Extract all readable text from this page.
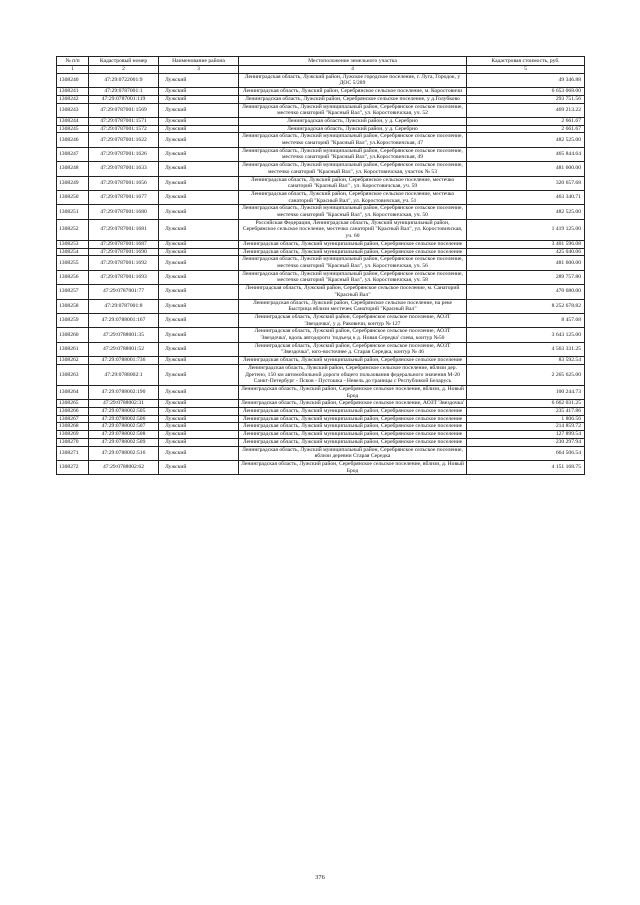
№ п/п	Кадастровый номер	Наименование района	Местоположение земельного участка	Кадастровая стоимость, руб.
1	2	3	4	5
1308240	47:29:0722001:9	Лужский	Ленинградская область, Лужский район, Лужское городское поселение, г. Луга, Городок, у ДОС 5/289	49 346.88
1308241	47:29:0787001:1	Лужский	Ленинградская область, Лужский район, Серебрянское сельское поселение, м. Коростовичи	6 653 068.00
1308242	47:29:0787001:119	Лужский	Ленинградская область, Лужский район, Серебрянское сельское поселение, у д.Голубково	293 751.56
1308243	47:29:0787001:1569	Лужский	Ленинградская область, Лужский муниципальный район, Серебрянское сельское поселение, местечко санаторий "Красный Вал", ул. Коростовичская, уч. 52	469 213.22
1308244	47:29:0787001:1571	Лужский	Ленинградская область, Лужский район, у д. Серебрно	2 661.67
1308245	47:29:0787001:1572	Лужский	Ленинградская область, Лужский район, у д. Серебрно	2 661.67
1308246	47:29:0787001:1622	Лужский	Ленинградская область, Лужский муниципальный район, Серебрянское сельское поселение, местечко санаторий "Красный Вал", ул.Коростовичская, 47	482 525.00
1308247	47:29:0787001:1626	Лужский	Ленинградская область, Лужский муниципальный район, Серебрянское сельское поселение, местечко санаторий "Красный Вал", ул.Коростовичская, 49	465 844.64
1308248	47:29:0787001:1633	Лужский	Ленинградская область, Лужский муниципальный район, Серебрянское сельское поселение, местечко санаторий "Красный Вал", ул. Коростовичская, участок № 53	481 600.00
1308249	47:29:0787001:1656	Лужский	Ленинградская область, Лужский район, Серебрянское сельское поселение, местечко санаторий "Красный Вал" , ул. Коростовичская, уч. 59	320 657.68
1308250	47:29:0787001:1677	Лужский	Ленинградская область, Лужский район, Серебрянское сельское поселение, местечко санаторий "Красный Вал", ул. Коростовичская, уч. 51	463 340.71
1308251	47:29:0787001:1680	Лужский	Ленинградская область, Лужский муниципальный район, Серебрянское сельское поселение, местечко санаторий "Красный Вал", ул. Коростовичская, уч. 50	482 525.00
1308252	47:29:0787001:1681	Лужский	Российская Федерация, Ленинградская область, Лужский муниципальный район, Серебрянское сельское поселение, местечко санаторий "Красный Вал", ул. Коростовичская, уч. 60	1 419 125.00
1308253	47:29:0787001:1687	Лужский	Ленинградская область, Лужский муниципальный район, Серебрянское сельское поселение	3 401 596.08
1308254	47:29:0787001:1690	Лужский	Ленинградская область, Лужский муниципальный район, Серебрянское сельское поселение	425 040.06
1308255	47:29:0787001:1692	Лужский	Ленинградская область, Лужский муниципальный район, Серебрянское сельское поселение, местечко санаторий "Красный Вал", ул. Коростовичская, уч. 56	481 600.00
1308256	47:29:0787001:1693	Лужский	Ленинградская область, Лужский муниципальный район, Серебрянское сельское поселение, местечко санаторий "Красный Вал", ул. Коростовичская, уч. 58	289 757.80
1308257	47:29:0787001:77	Лужский	Ленинградская область, Лужский район, Серебрянское сельское поселение, м. Санаторий "Красный Вал"	470 680.00
1308258	47:29:0787001:8	Лужский	Ленинградская область, Лужский район, Серебрянское сельское поселение, на реке Быстрица вблизи местечек Санаторий "Красный Вал"	8 252 678.82
1308259	47:29:0788001:167	Лужский	Ленинградская область, Лужский район, Серебрянское сельское поселение, АОЗТ 'Звездочка', у д. Раковичи, контур № 127	8 457.68
1308260	47:29:0788001:35	Лужский	Ленинградская область, Лужский район, Серебрянское сельское поселение, АОЗТ 'Звездочка', вдоль автодороги 'подъезд к д. Новая Середка' слева, контур №50	3 643 125.00
1308261	47:29:0788001:52	Лужский	Ленинградская область, Лужский район, Серебрянское сельское поселение, АОЗТ "Звездочка", юго-восточнее д. Старая Середка, контур № 46	4 563 331.25
1308262	47:29:0788001:736	Лужский	Ленинградская область, Лужский муниципальный район, Серебрянское сельское поселение	83 592.54
1308263	47:29:0788002:1	Лужский	Ленинградская область, Лужский район, Серебрянское сельское поселение, вблизи дер. Дретено, 150 км автомобильной дороги общего пользования федерального значения М-20 Санкт-Петербург - Псков - Пустошка - Невель до границы с Республикой Беларусь	2 265 625.00
1308264	47:29:0788002:190	Лужский	Ленинградская область, Лужский район, Серебрянское сельское поселение, вблизи, д. Новый Брод	100 244.73
1308265	47:29:0788002:31	Лужский	Ленинградская область, Лужский район, Серебрянское сельское поселение, АОЗТ 'Звездочка'	6 662 031.25
1308266	47:29:0788002:505	Лужский	Ленинградская область, Лужский муниципальный район, Серебрянское сельское поселение	235 417.86
1308267	47:29:0788002:506	Лужский	Ленинградская область, Лужский муниципальный район, Серебрянское сельское поселение	1 806.56
1308268	47:29:0788002:507	Лужский	Ленинградская область, Лужский муниципальный район, Серебрянское сельское поселение	214 859.72
1308269	47:29:0788002:508	Лужский	Ленинградская область, Лужский муниципальный район, Серебрянское сельское поселение	127 899.54
1308270	47:29:0788002:509	Лужский	Ленинградская область, Лужский муниципальный район, Серебрянское сельское поселение	230 297.94
1308271	47:29:0788002:516	Лужский	Ленинградская область, Лужский муниципальный район, Серебрянское сельское поселение, вблизи деревни Старая Середка	664 506.54
1308272	47:29:0788002:62	Лужский	Ленинградская область, Лужский район, Серебрянское сельское поселение, вблизи, д. Новый Брод	4 151 168.75
376
